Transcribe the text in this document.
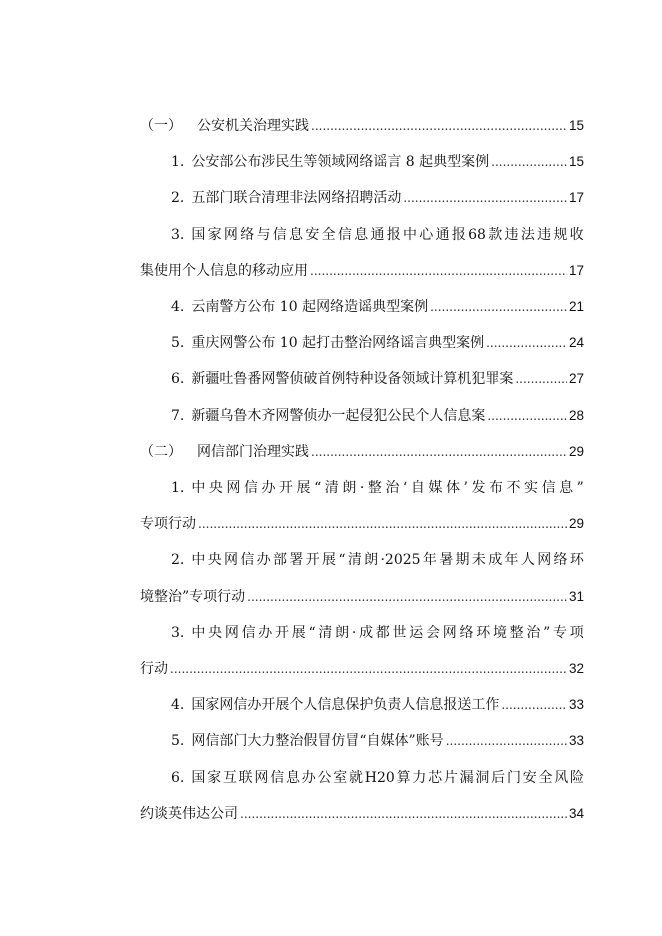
（一） 公安机关治理实践 .....	15
1. 公安部公布涉民生等领域网络谣言 8 起典型案例 .....	15
2. 五部门联合清理非法网络招聘活动 .....	17
3. 国 家 网 络 与 信 息 安 全 信 息 通 报 中 心 通 报 68 款 违 法 违 规 收
集使用个人信息的移动应用 .....	17
4. 云南警方公布 10 起网络造谣典型案例 .....	21
5. 重庆网警公布 10 起打击整治网络谣言典型案例 .....	24
6. 新疆吐鲁番网警侦破首例特种设备领域计算机犯罪案 .....	27
7. 新疆乌鲁木齐网警侦办一起侵犯公民个人信息案 .....	28
（二） 网信部门治理实践 .....	29
1. 中 央 网 信 办 开 展 “ 清 朗 · 整 治 ‘ 自 媒 体 ’ 发 布 不 实 信 息 ”
专项行动 .....	29
2. 中 央 网 信 办 部 署 开 展 “ 清 朗 ·2025 年 暑 期 未 成 年 人 网 络 环
境整治”专项行动 .....	31
3. 中 央 网 信 办 开 展 “ 清 朗 · 成 都 世 运 会 网 络 环 境 整 治 ” 专 项
行动 .....	32
4. 国家网信办开展个人信息保护负责人信息报送工作 .....	33
5. 网信部门大力整治假冒仿冒“自媒体”账号 .....	33
6. 国 家 互 联 网 信 息 办 公 室 就 H20 算 力 芯 片 漏 洞 后 门 安 全 风 险
约谈英伟达公司 .....	34
